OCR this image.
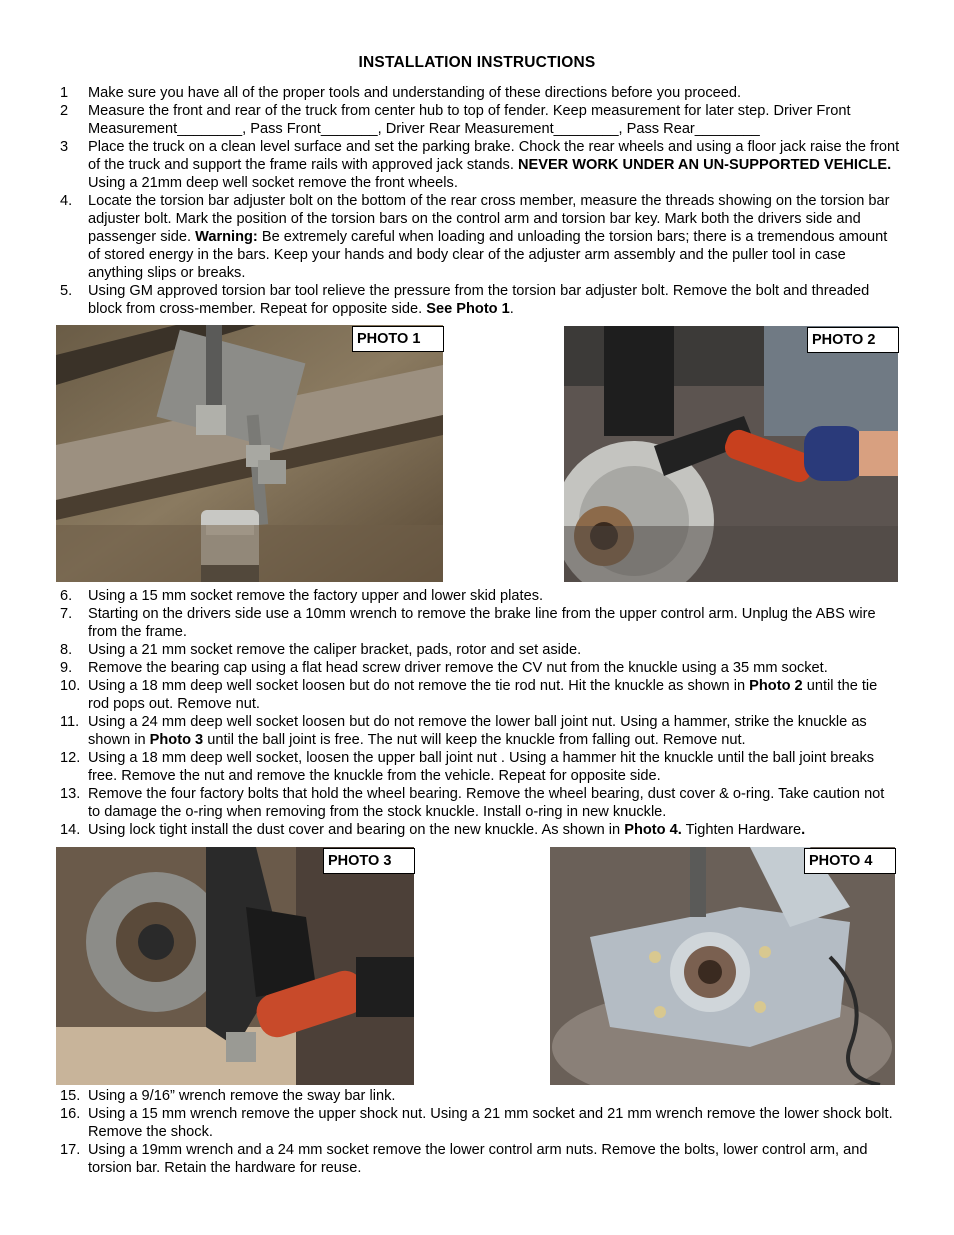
INSTALLATION INSTRUCTIONS
1	Make sure you have all of the proper tools and understanding of these directions before you proceed.
2	Measure the front and rear of the truck from center hub to top of fender. Keep measurement for later step. Driver Front Measurement________, Pass Front_______, Driver Rear Measurement________, Pass Rear________
3	Place the truck on a clean level surface and set the parking brake. Chock the rear wheels and using a floor jack raise the front of the truck and support the frame rails with approved jack stands. NEVER WORK UNDER AN UN-SUPPORTED VEHICLE. Using a 21mm deep well socket remove the front wheels.
4.	Locate the torsion bar adjuster bolt on the bottom of the rear cross member, measure the threads showing on the torsion bar adjuster bolt. Mark the position of the torsion bars on the control arm and torsion bar key. Mark both the drivers side and passenger side. Warning: Be extremely careful when loading and unloading the torsion bars; there is a tremendous amount of stored energy in the bars. Keep your hands and body clear of the adjuster arm assembly and the puller tool in case anything slips or breaks.
5.	Using GM approved torsion bar tool relieve the pressure from the torsion bar adjuster bolt. Remove the bolt and threaded block from cross-member. Repeat for opposite side. See Photo 1.
PHOTO 1	PHOTO 2
6.	Using a 15 mm socket remove the factory upper and lower skid plates.
7.	Starting on the drivers side use a 10mm wrench to remove the brake line from the upper control arm. Unplug the ABS wire from the frame.
8.	Using a 21 mm socket remove the caliper bracket, pads, rotor and set aside.
9.	Remove the bearing cap using a flat head screw driver remove the CV nut from the knuckle using a 35 mm socket.
10. Using a 18 mm deep well socket loosen but do not remove the tie rod nut. Hit the knuckle as shown in Photo 2 until the tie rod pops out. Remove nut.
11. Using a 24 mm deep well socket loosen but do not remove the lower ball joint nut. Using a hammer, strike the knuckle as shown in Photo 3 until the ball joint is free. The nut will keep the knuckle from falling out. Remove nut.
12. Using a 18 mm deep well socket, loosen the upper ball joint nut . Using a hammer hit the knuckle until the ball joint breaks free. Remove the nut and remove the knuckle from the vehicle. Repeat for opposite side.
13. Remove the four factory bolts that hold the wheel bearing. Remove the wheel bearing, dust cover & o-ring. Take caution not to damage the o-ring when removing from the stock knuckle. Install o-ring in new knuckle.
14. Using lock tight install the dust cover and bearing on the new knuckle. As shown in Photo 4. Tighten Hardware.
PHOTO 3	PHOTO 4
15. Using a 9/16” wrench remove the sway bar link.
16. Using a 15 mm wrench remove the upper shock nut. Using a 21 mm socket and 21 mm wrench remove the lower shock bolt. Remove the shock.
17. Using a 19mm wrench and a 24 mm socket remove the lower control arm nuts. Remove the bolts, lower control arm, and torsion bar. Retain the hardware for reuse.
